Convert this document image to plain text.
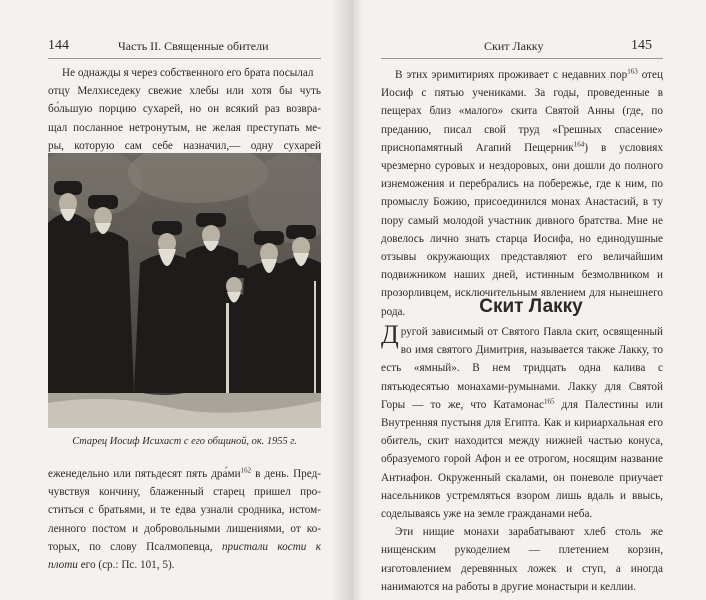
144	Часть II. Священные обители

Не однажды я через собственного его брата посылал

отцу Мелхиседеку свежие хлебы или хотя бы чуть

бо́льшую порцию сухарей, но он всякий раз возвра-

щал посланное нетронутым, не желая преступать ме-

ры, которую сам себе назначил,— одну сухарей

Старец Иосиф Исихаст с его общиной, ок. 1955 г.

еженедельно или пятьдесят пять $дра́ми^{162}$ в день. Пред-

чувствуя кончину, блаженный старец пришел про-

ститься с братьями, и те едва узнали сродника, истом-

ленного постом и добровольными лишениями, от ко-

торых, по слову Псалмопевца, пристали кости к

плоти его (ср.: Пс. 101, 5).

Скит Лакку	145

В этих эримитириях проживает с недавних пор$^{163}$ отец Иосиф с пятью учениками. За годы, проведенные в пещерах близ «малого» скита Святой Анны (где, по преданию, писал свой труд «Грешных спасение» приснопамятный Агапий Пещерник$^{164}$) в условиях чрезмерно суровых и нездоровых, они дошли до полного изнеможения и перебрались на побережье, где к ним, по промыслу Божию, присоединился монах Анастасий, в ту пору самый молодой участник дивного братства. Мне не довелось лично знать старца Иосифа, но единодушные отзывы окружающих представляют его величайшим подвижником наших дней, истинным безмолвником и прозорливцем, исключительным явлением для нынешнего рода.	Скит Лакку

Другой зависимый от Святого Павла скит, освященный во имя святого Димитрия, называется также Лакку, то есть «ямный». В нем тридцать одна калива с пятьюдесятью монахами-румынами. Лакку для Святой Горы — то же, что Катамонас$^{165}$ для Палестины или Внутренняя пустыня для Египта. Как и кириархальная его обитель, скит находится между нижней частью конуса, образуемого горой Афон и ее отрогом, носящим название Антиафон. Окруженный скалами, он поневоле приучает насельников устремляться взором лишь вдаль и ввысь, соделываясь уже на земле гражданами неба.

Эти нищие монахи зарабатывают хлеб столь же нищенским рукоделием — плетением корзин, изготовлением деревянных ложек и ступ, а иногда нанимаются на работы в другие монастыри и келлии.
